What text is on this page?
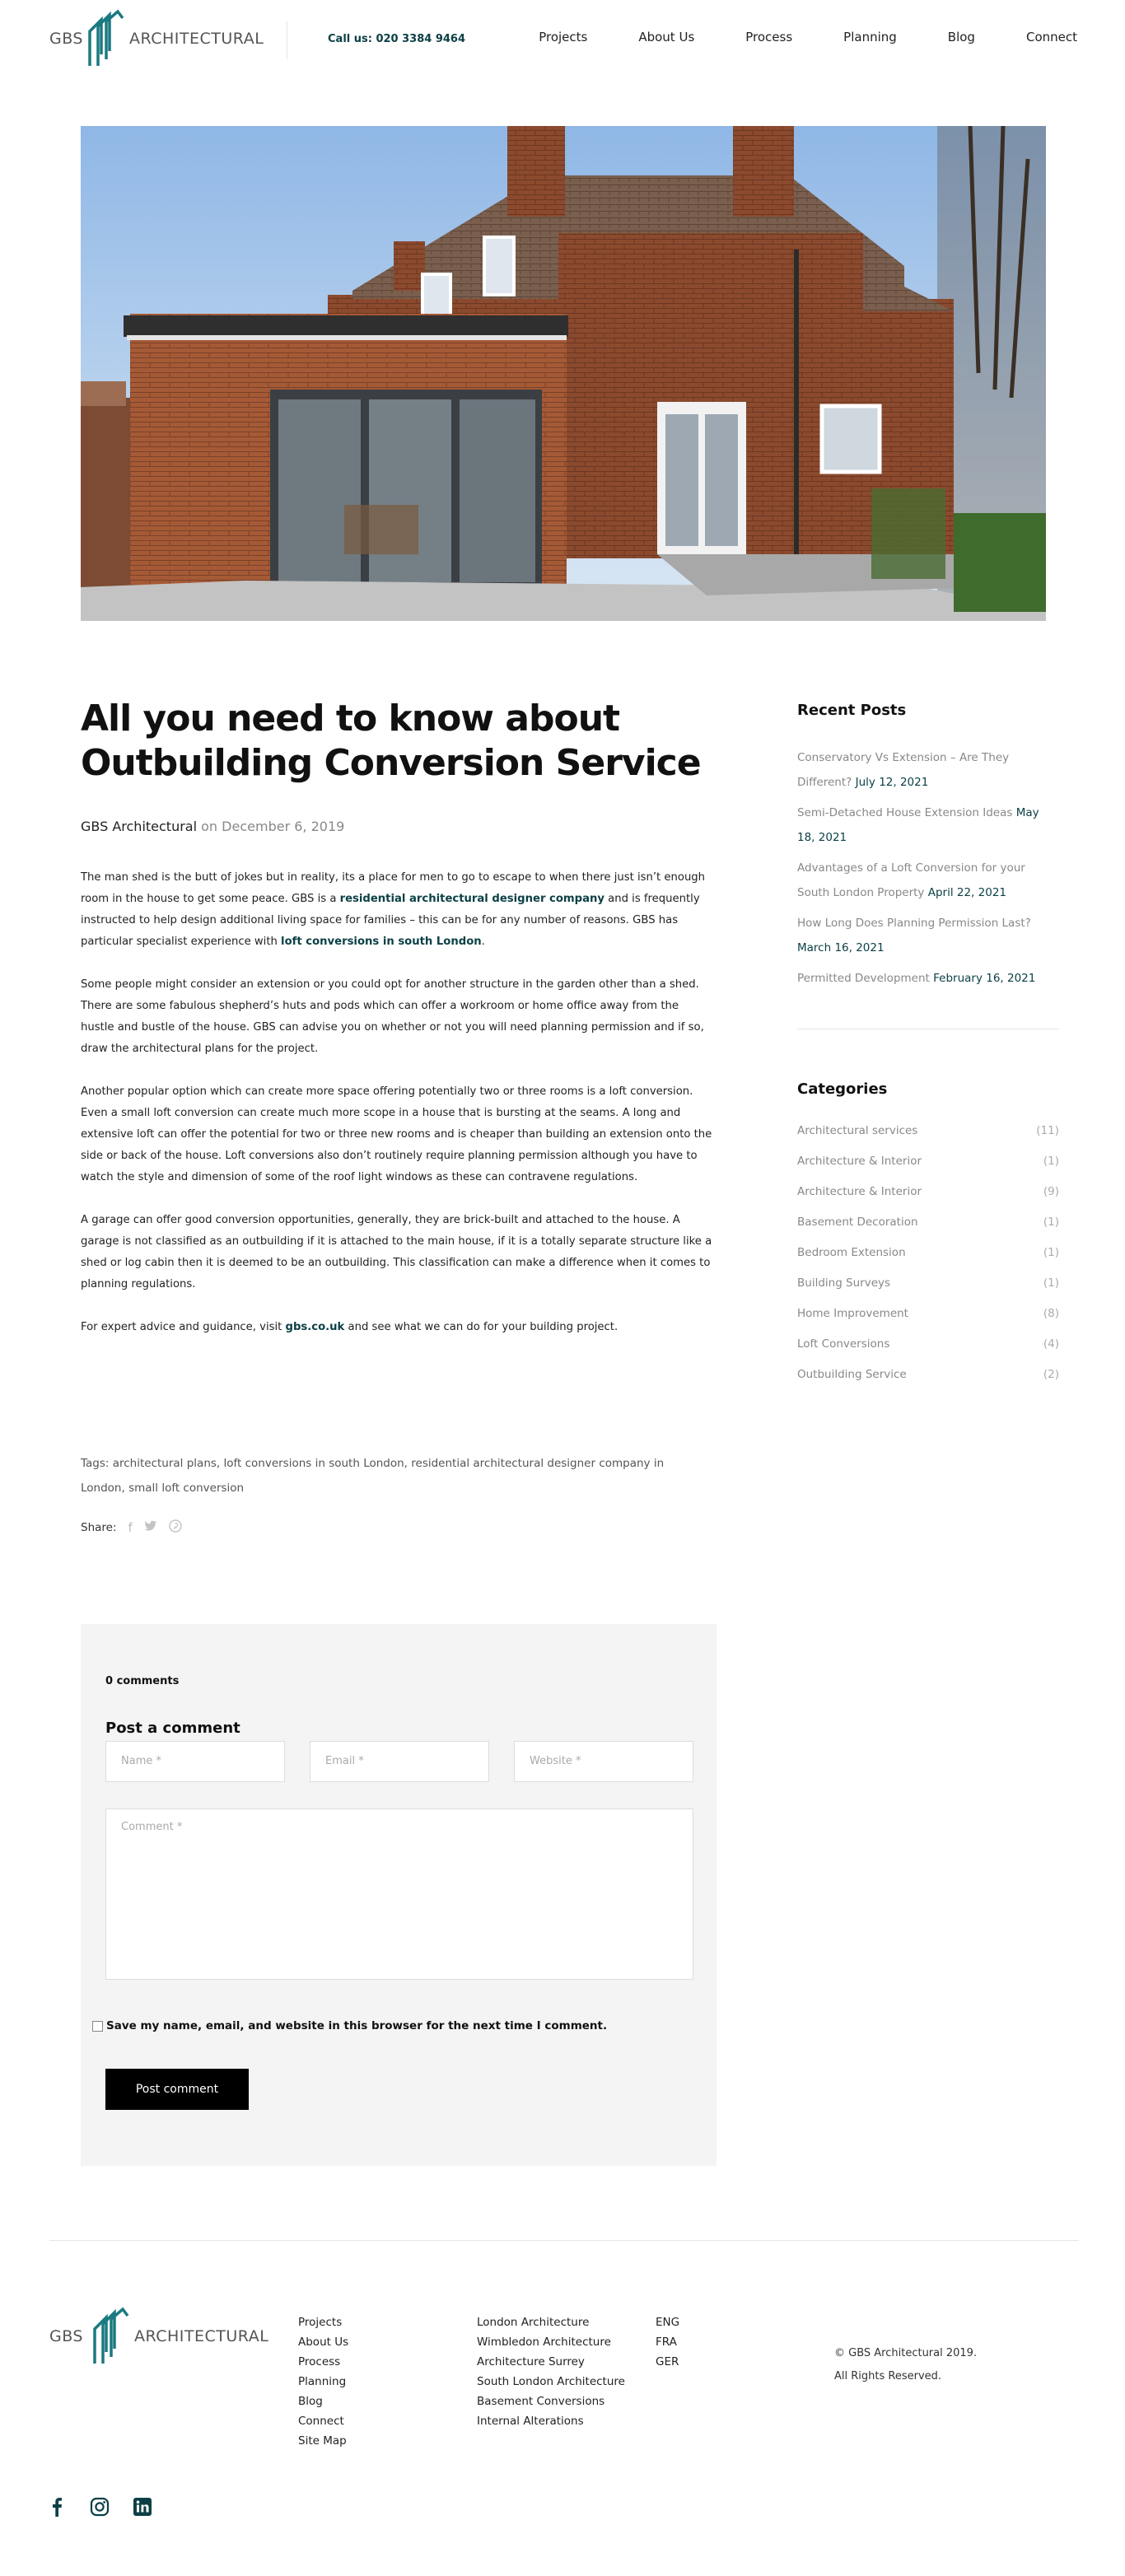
GBS	ARCHITECTURAL	Call us: 020 3384 9464	Projects	About Us	Process	Planning	Blog	Connect
All you need to know about
Outbuilding Conversion Service
GBS Architectural on December 6, 2019

The man shed is the butt of jokes but in reality, its a place for men to go to escape to when there just isn’t enough room in the house to get some peace. GBS is a residential architectural designer company and is frequently instructed to help design additional living space for families – this can be for any number of reasons. GBS has particular specialist experience with loft conversions in south London.

Some people might consider an extension or you could opt for another structure in the garden other than a shed. There are some fabulous shepherd’s huts and pods which can offer a workroom or home office away from the hustle and bustle of the house. GBS can advise you on whether or not you will need planning permission and if so, draw the architectural plans for the project.

Another popular option which can create more space offering potentially two or three rooms is a loft conversion. Even a small loft conversion can create much more scope in a house that is bursting at the seams. A long and extensive loft can offer the potential for two or three new rooms and is cheaper than building an extension onto the side or back of the house. Loft conversions also don’t routinely require planning permission although you have to watch the style and dimension of some of the roof light windows as these can contravene regulations.

A garage can offer good conversion opportunities, generally, they are brick-built and attached to the house. A garage is not classified as an outbuilding if it is attached to the main house, if it is a totally separate structure like a shed or log cabin then it is deemed to be an outbuilding. This classification can make a difference when it comes to planning regulations.

For expert advice and guidance, visit gbs.co.uk and see what we can do for your building project.

Tags: architectural plans, loft conversions in south London, residential architectural designer company in London, small loft conversion
Share: f
0 comments
Post a comment
Name *	Email *	Website *
Comment *
Save my name, email, and website in this browser for the next time I comment.
Post comment
Recent Posts
Conservatory Vs Extension – Are They Different? July 12, 2021
Semi-Detached House Extension Ideas May 18, 2021
Advantages of a Loft Conversion for your South London Property April 22, 2021
How Long Does Planning Permission Last? March 16, 2021
Permitted Development February 16, 2021
Categories
Architectural services	(11)
Architecture & Interior	(1)
Architecture & Interior	(9)
Basement Decoration	(1)
Bedroom Extension	(1)
Building Surveys	(1)
Home Improvement	(8)
Loft Conversions	(4)
Outbuilding Service	(2)
GBS	ARCHITECTURAL
Projects
About Us
Process
Planning
Blog
Connect
Site Map
London Architecture
Wimbledon Architecture
Architecture Surrey
South London Architecture
Basement Conversions
Internal Alterations
ENG
FRA
GER
© GBS Architectural 2019.
All Rights Reserved.
